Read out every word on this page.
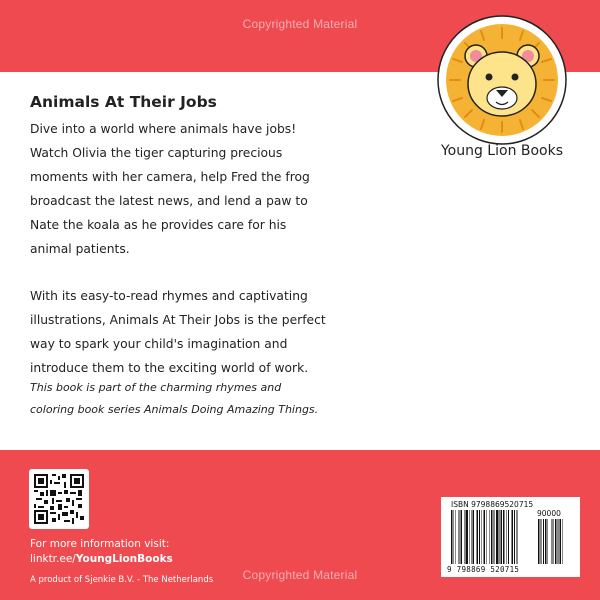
Copyrighted Material
Young Lion Books
Animals At Their Jobs

Dive into a world where animals have jobs! Watch Olivia the tiger capturing precious moments with her camera, help Fred the frog broadcast the latest news, and lend a paw to Nate the koala as he provides care for his animal patients.

With its easy-to-read rhymes and captivating illustrations, Animals At Their Jobs is the perfect way to spark your child's imagination and introduce them to the exciting world of work.

This book is part of the charming rhymes and coloring book series Animals Doing Amazing Things.

For more information visit:
linktr.ee/YoungLionBooks
A product of Sjenkie B.V. - The Netherlands	Copyrighted Material
ISBN 9798869520715
90000
9 798869 520715
